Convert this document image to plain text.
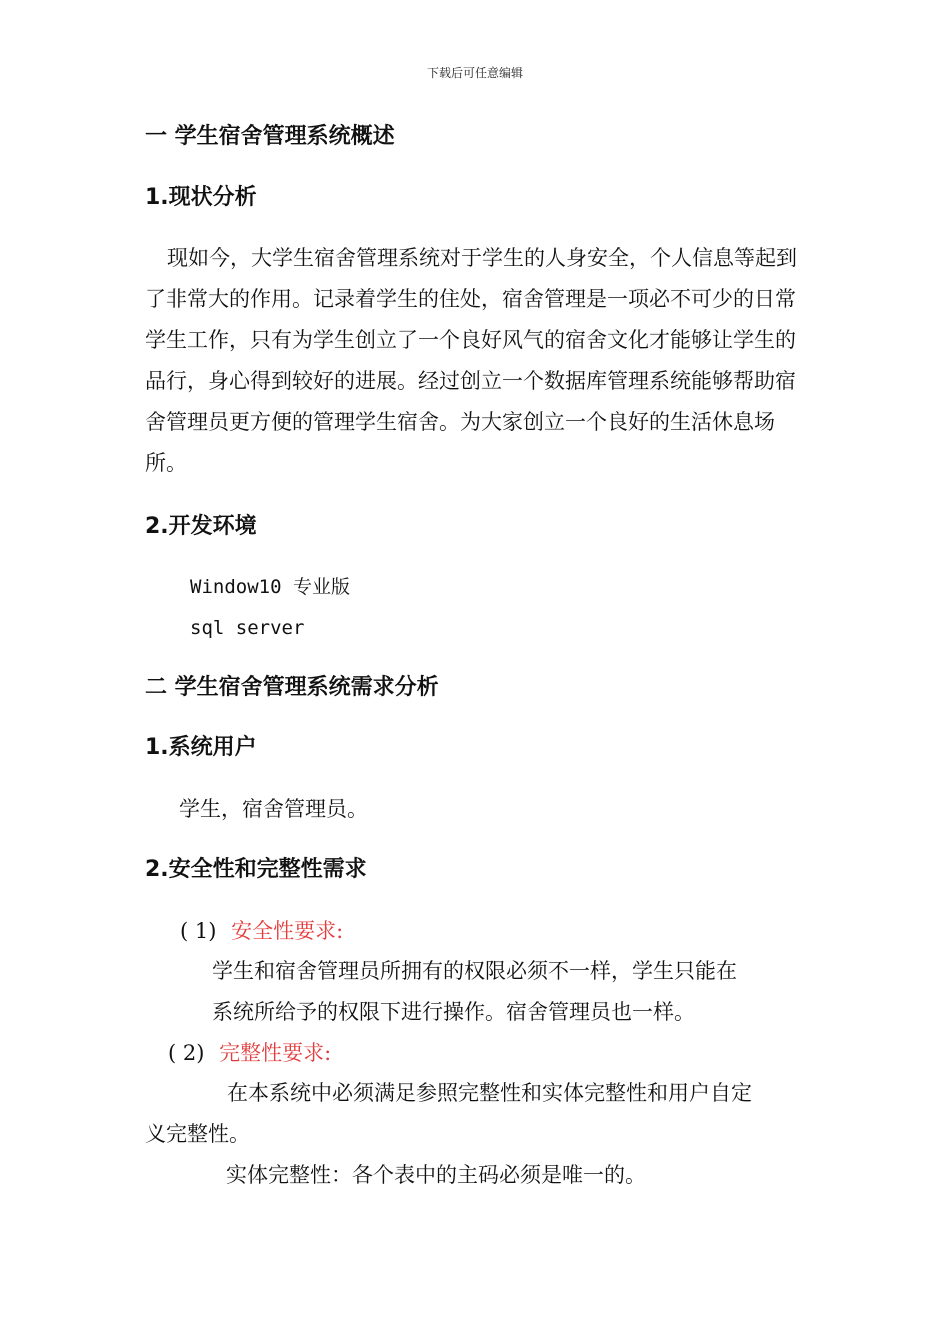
下载后可任意编辑
一 学生宿舍管理系统概述
1.现状分析
现如今，大学生宿舍管理系统对于学生的人身安全，个人信息等起到了非常大的作用。记录着学生的住处，宿舍管理是一项必不可少的日常学生工作，只有为学生创立了一个良好风气的宿舍文化才能够让学生的品行，身心得到较好的进展。经过创立一个数据库管理系统能够帮助宿舍管理员更方便的管理学生宿舍。为大家创立一个良好的生活休息场所。
2.开发环境
Window10 专业版
sql server
二 学生宿舍管理系统需求分析
1.系统用户
学生，宿舍管理员。
2.安全性和完整性需求
( 1) 安全性要求:
学生和宿舍管理员所拥有的权限必须不一样，学生只能在
系统所给予的权限下进行操作。宿舍管理员也一样。
( 2) 完整性要求:
在本系统中必须满足参照完整性和实体完整性和用户自定
义完整性。
实体完整性：各个表中的主码必须是唯一的。
